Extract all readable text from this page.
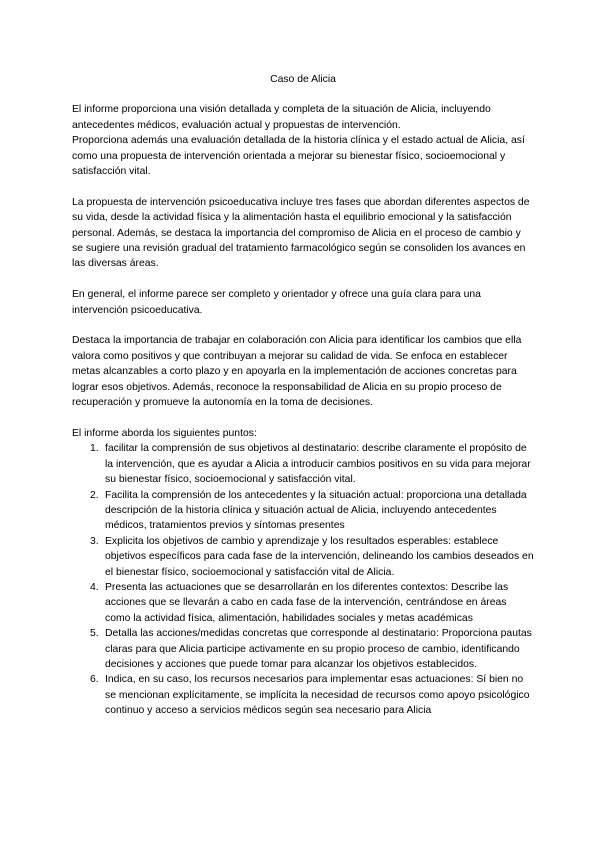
Caso de Alicia
El informe proporciona una visión detallada y completa de la situación de Alicia, incluyendo antecedentes médicos, evaluación actual y propuestas de intervención.
Proporciona además una evaluación detallada de la historia clínica y el estado actual de Alicia, así como una propuesta de intervención orientada a mejorar su bienestar físico, socioemocional y satisfacción vital.
La propuesta de intervención psicoeducativa incluye tres fases que abordan diferentes aspectos de su vida, desde la actividad física y la alimentación hasta el equilibrio emocional y la satisfacción personal. Además, se destaca la importancia del compromiso de Alicia en el proceso de cambio y se sugiere una revisión gradual del tratamiento farmacológico según se consoliden los avances en las diversas áreas.
En general, el informe parece ser completo y orientador y ofrece una guía clara para una intervención psicoeducativa.
Destaca la importancia de trabajar en colaboración con Alicia para identificar los cambios que ella valora como positivos y que contribuyan a mejorar su calidad de vida. Se enfoca en establecer metas alcanzables a corto plazo y en apoyarla en la implementación de acciones concretas para lograr esos objetivos. Además, reconoce la responsabilidad de Alicia en su propio proceso de recuperación y promueve la autonomía en la toma de decisiones.
El informe aborda los siguientes puntos:
1. facilitar la comprensión de sus objetivos al destinatario: describe claramente el propósito de la intervención, que es ayudar a Alicia a introducir cambios positivos en su vida para mejorar su bienestar físico, socioemocional y satisfacción vital.
2. Facilita la comprensión de los antecedentes y la situación actual: proporciona una detallada descripción de la historia clínica y situación actual de Alicia, incluyendo antecedentes médicos, tratamientos previos y síntomas presentes
3. Explicita los objetivos de cambio y aprendizaje y los resultados esperables: establece objetivos específicos para cada fase de la intervención, delineando los cambios deseados en el bienestar físico, socioemocional y satisfacción vital de Alicia.
4. Presenta las actuaciones que se desarrollarán en los diferentes contextos: Describe las acciones que se llevarán a cabo en cada fase de la intervención, centrándose en áreas como la actividad física, alimentación, habilidades sociales y metas académicas
5. Detalla las acciones/medidas concretas que corresponde al destinatario: Proporciona pautas claras para que Alicia participe activamente en su propio proceso de cambio, identificando decisiones y acciones que puede tomar para alcanzar los objetivos establecidos.
6. Indica, en su caso, los recursos necesarios para implementar esas actuaciones: Sí bien no se mencionan explícitamente, se implícita la necesidad de recursos como apoyo psicológico continuo y acceso a servicios médicos según sea necesario para Alicia
